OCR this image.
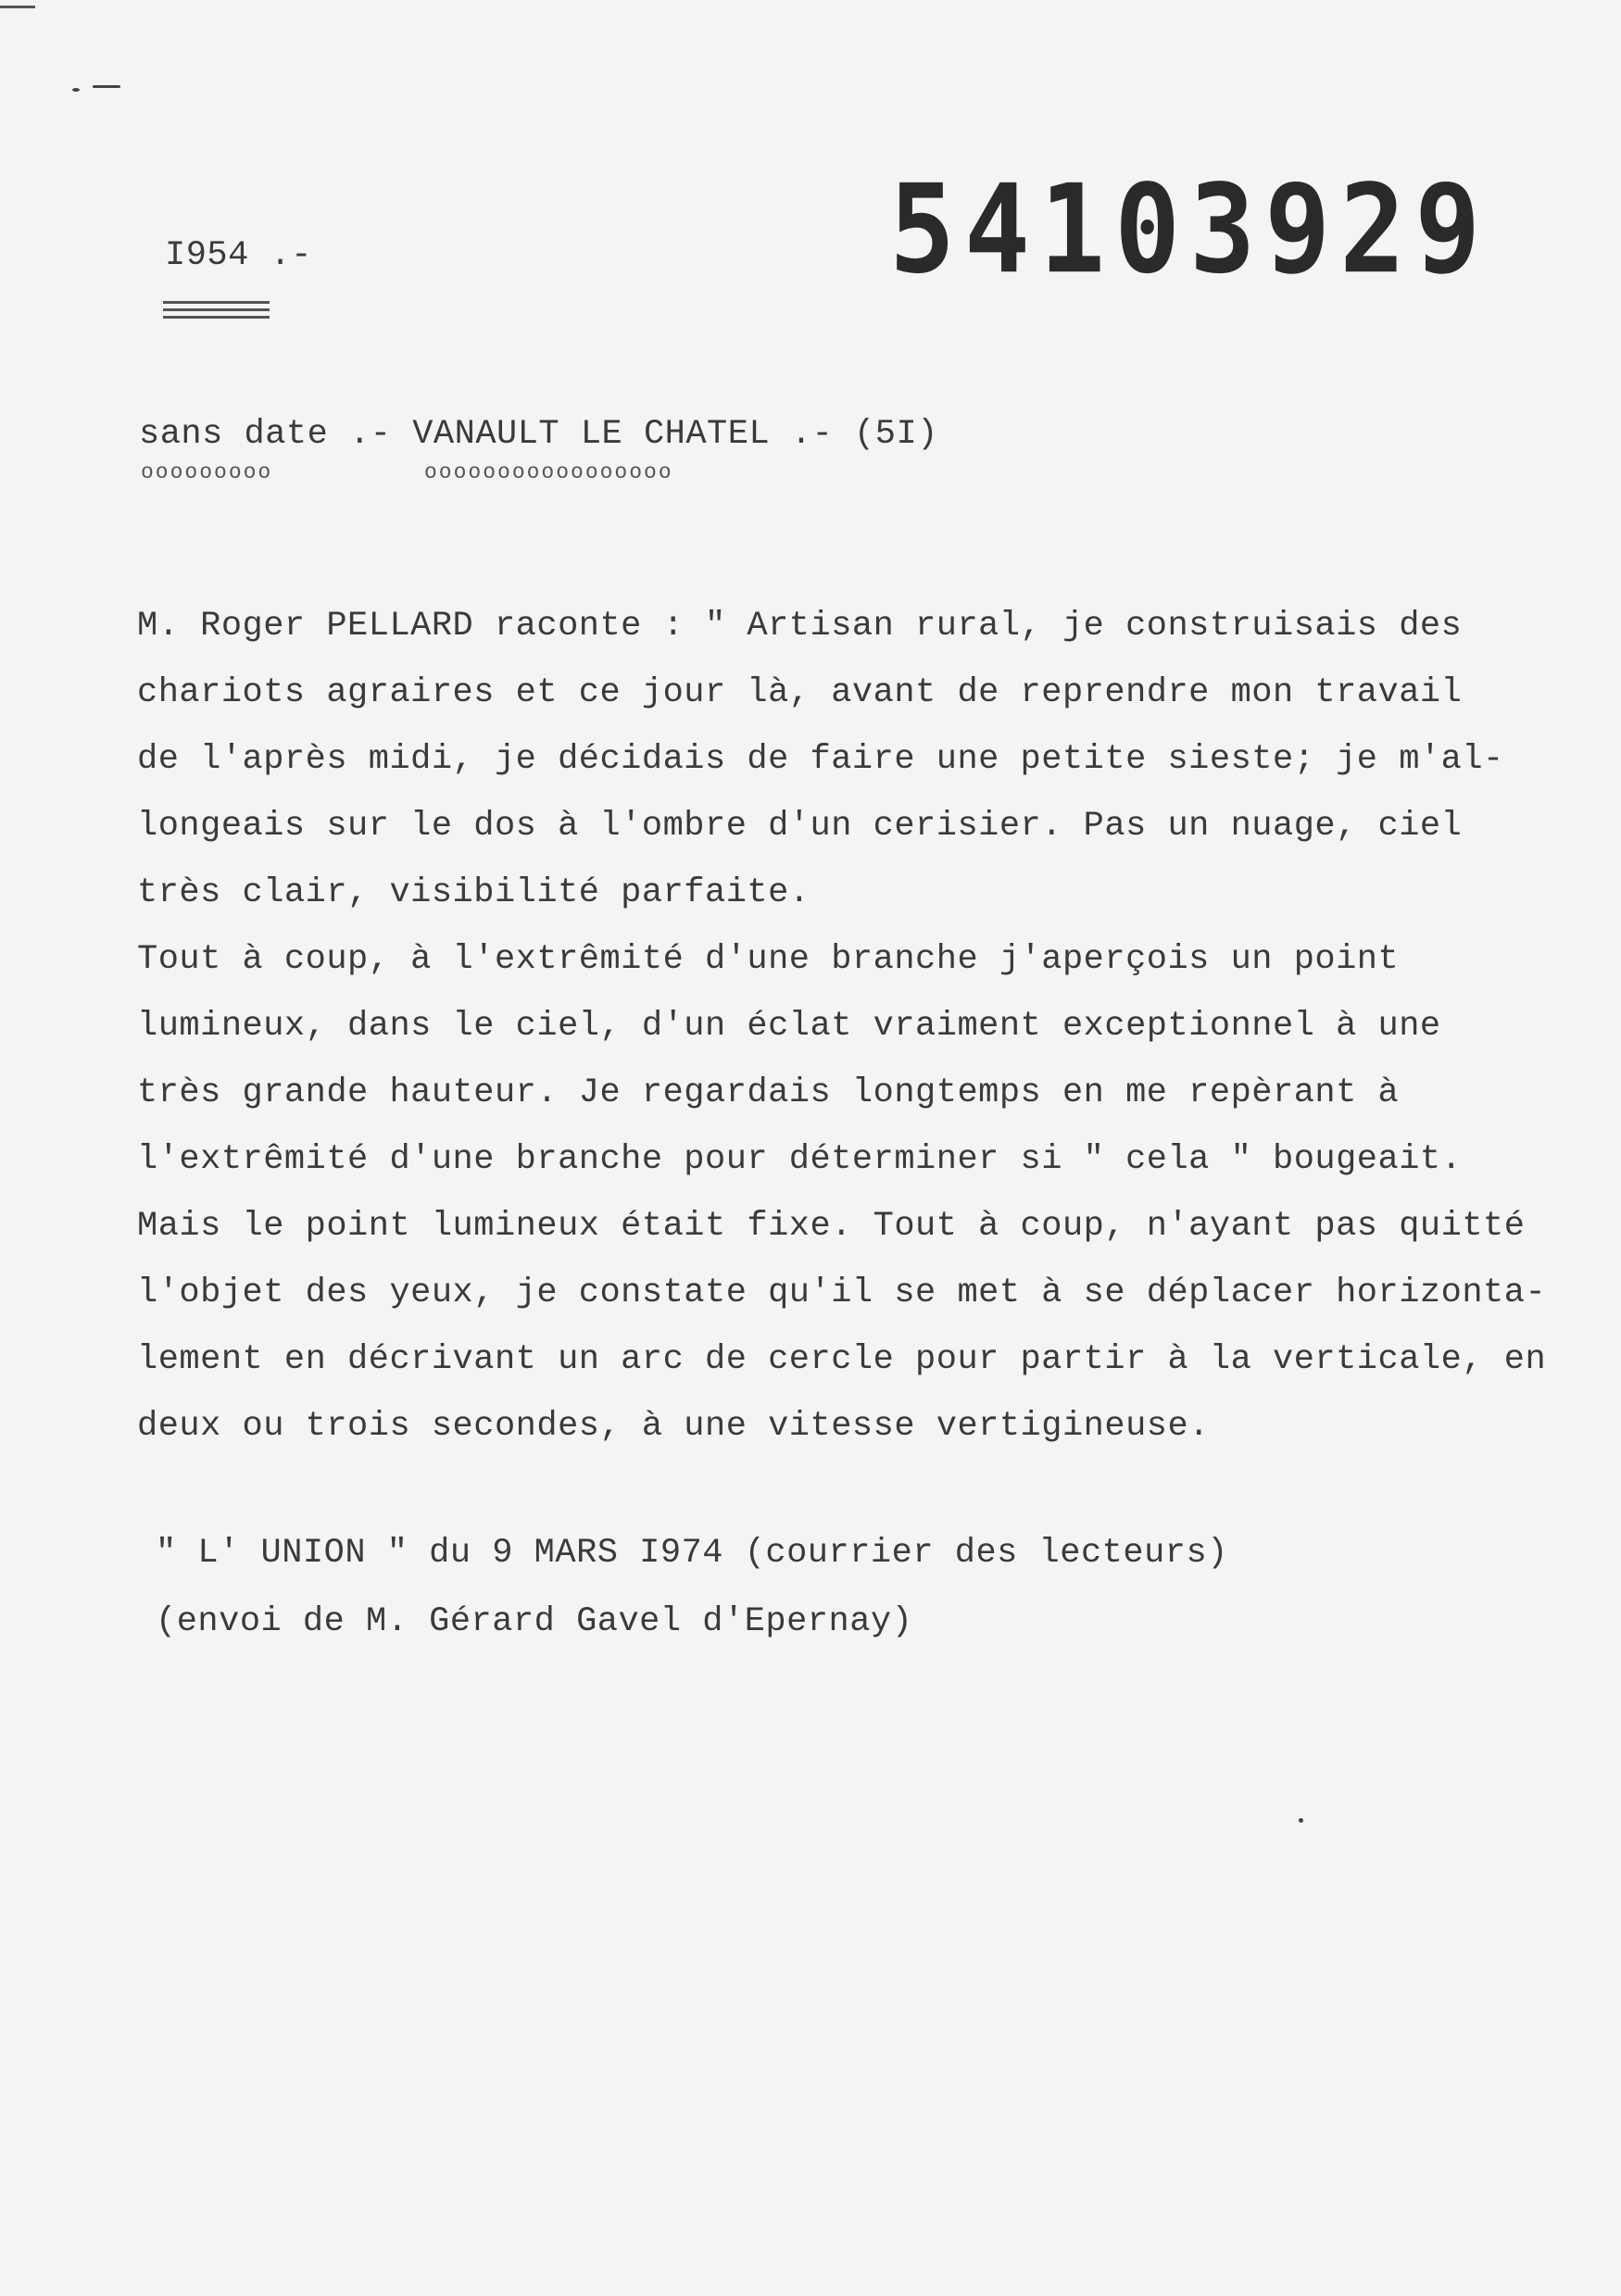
54103929
I954 .-
sans date .- VANAULT LE CHATEL .- (5I)
ooooooooo	ooooooooooooooooo
M. Roger PELLARD raconte : " Artisan rural, je construisais des
chariots agraires et ce jour là, avant de reprendre mon travail
de l'après midi, je décidais de faire une petite sieste; je m'al-
longeais sur le dos à l'ombre d'un cerisier. Pas un nuage, ciel
très clair, visibilité parfaite.
Tout à coup, à l'extrêmité d'une branche j'aperçois un point
lumineux, dans le ciel, d'un éclat vraiment exceptionnel à une
très grande hauteur. Je regardais longtemps en me repèrant à
l'extrêmité d'une branche pour déterminer si " cela " bougeait.
Mais le point lumineux était fixe. Tout à coup, n'ayant pas quitté
l'objet des yeux, je constate qu'il se met à se déplacer horizonta-
lement en décrivant un arc de cercle pour partir à la verticale, en
deux ou trois secondes, à une vitesse vertigineuse.
" L' UNION " du 9 MARS I974 (courrier des lecteurs)
(envoi de M. Gérard Gavel d'Epernay)
